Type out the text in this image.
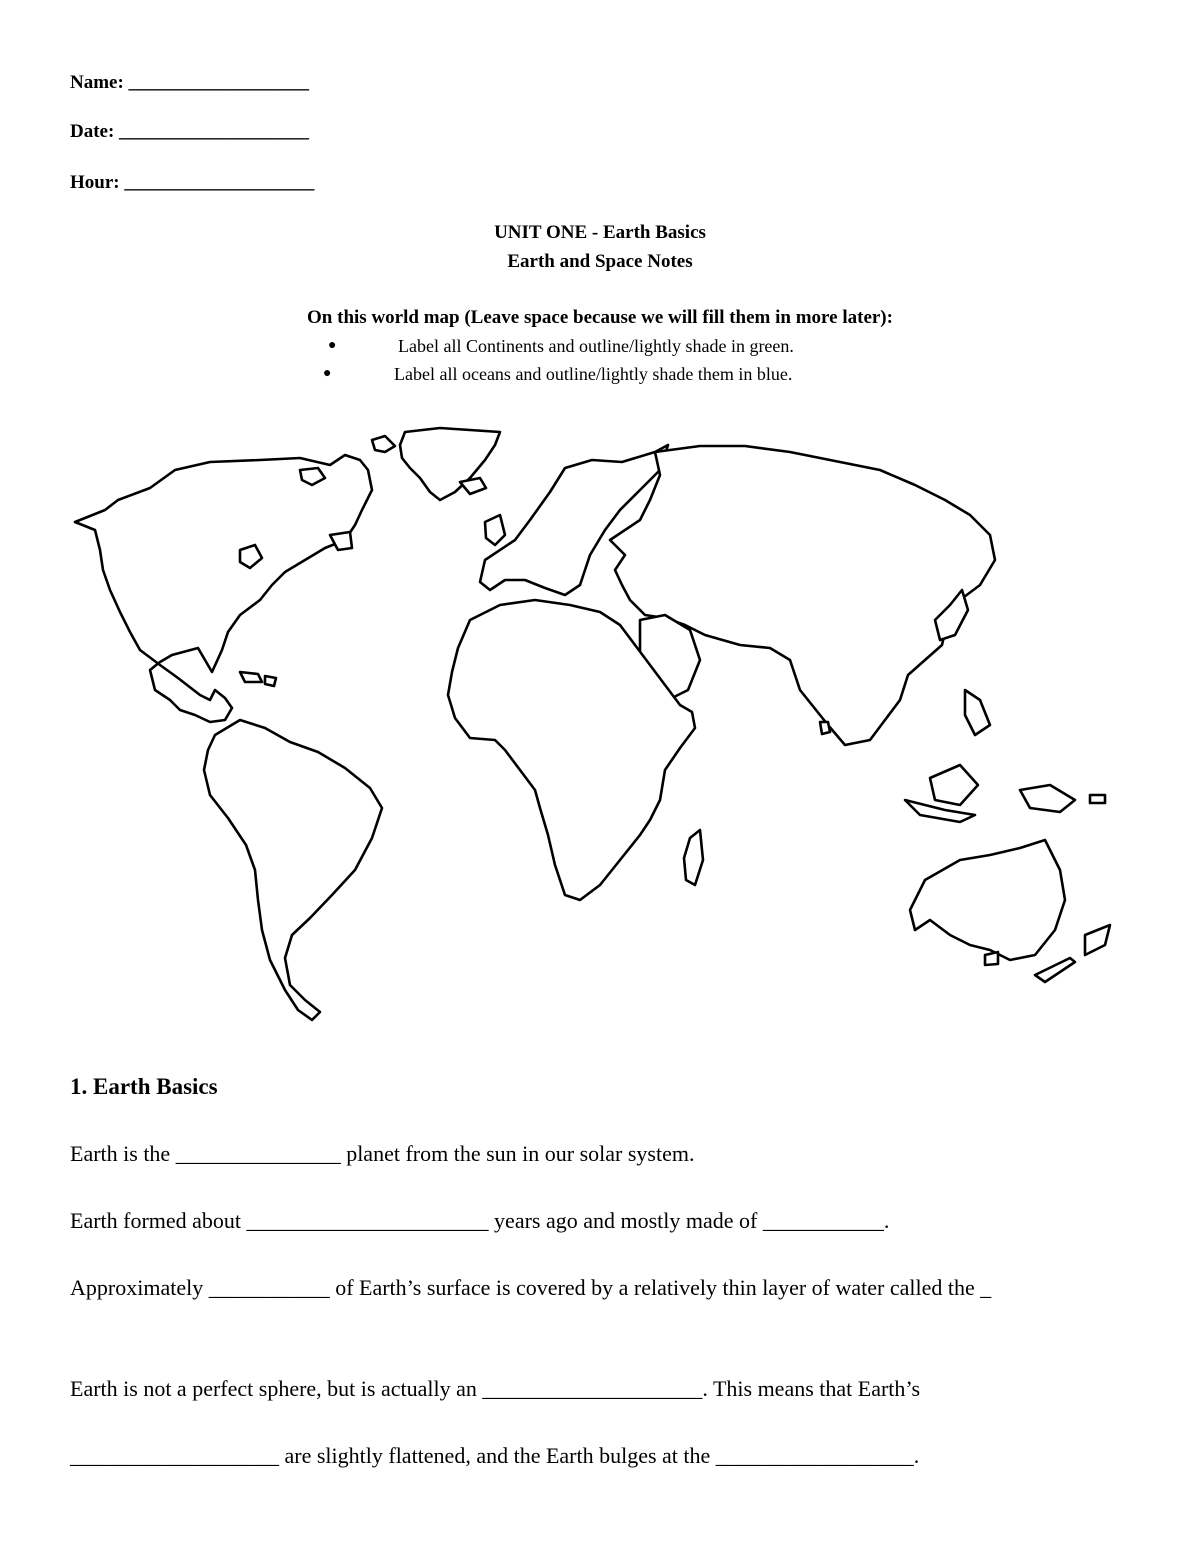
Name: ___________________
Date: ____________________
Hour: ____________________
UNIT ONE - Earth Basics
Earth and Space Notes
On this world map (Leave space because we will fill them in more later):
●	Label all Continents and outline/lightly shade in green.
●	Label all oceans and outline/lightly shade them in blue.
1. Earth Basics
Earth is the _______________ planet from the sun in our solar system.
Earth formed about ______________________ years ago and mostly made of ___________.
Approximately ___________ of Earth’s surface is covered by a relatively thin layer of water called the _
Earth is not a perfect sphere, but is actually an ____________________. This means that Earth’s
___________________ are slightly flattened, and the Earth bulges at the __________________.
